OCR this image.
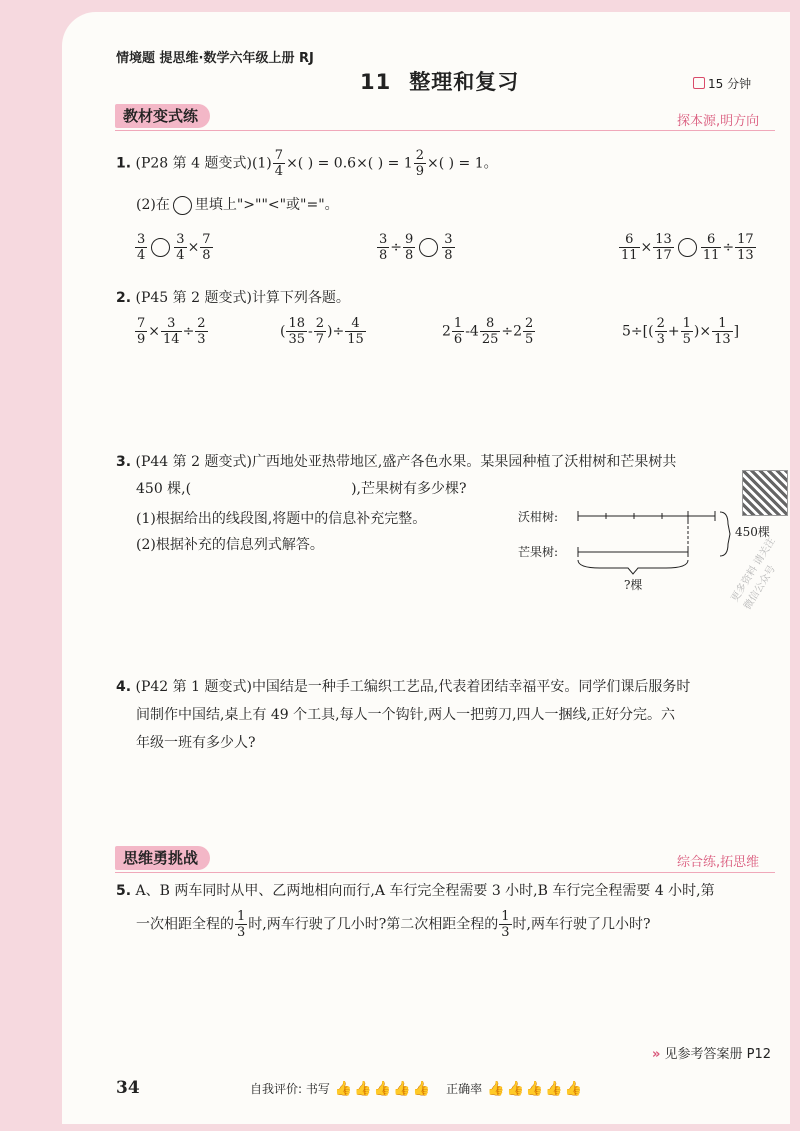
情境题 提思维·数学六年级上册 RJ
11 整理和复习	15 分钟
教材变式练	探本源,明方向
1. (P28 第 4 题变式)$(1) \frac{7}{4}$ ×( ) = 0.6×( ) = $1 \frac{2}{9}$ ×( ) = 1。
(2)在 里填上">""<"或"="。
$\frac{3}{4} \frac{3}{4} \times \frac{7}{8}$	$\frac{3}{8} \div \frac{9}{8} \frac{3}{8}$	$\frac{6}{11} \times \frac{13}{17} \frac{6}{11} \div \frac{17}{13}$
2. (P45 第 2 题变式)计算下列各题。
$\frac{7}{9} \times \frac{3}{14} \div \frac{2}{3}$	( $\frac{18}{35} - \frac{2}{7}$ )÷ $\frac{4}{15}$	$2 \frac{1}{6} -4 \frac{8}{25} \div 2 \frac{2}{5}$	$5\div[( \frac{2}{3} + \frac{1}{5}$ )× $\frac{1}{13}$ ]
3. (P44 第 2 题变式)广西地处亚热带地区,盛产各色水果。某果园种植了沃柑树和芒果树共
450 棵,(	),芒果树有多少棵?
(1)根据给出的线段图,将题中的信息补充完整。
(2)根据补充的信息列式解答。
沃柑树:
芒果树:
450棵
?棵	更多资料 请关注微信公众号
4. (P42 第 1 题变式)中国结是一种手工编织工艺品,代表着团结幸福平安。同学们课后服务时
间制作中国结,桌上有 49 个工具,每人一个钩针,两人一把剪刀,四人一捆线,正好分完。六
年级一班有多少人?
思维勇挑战	综合练,拓思维
5. A、B 两车同时从甲、乙两地相向而行,A 车行完全程需要 3 小时,B 车行完全程需要 4 小时,第
一次相距全程的 $\frac{1}{3}$ 时,两车行驶了几小时?第二次相距全程的 $\frac{1}{3}$ 时,两车行驶了几小时?
» 见参考答案册 P12
34	自我评价: 书写 👍 👍 👍 👍 👍 正确率 👍 👍 👍 👍 👍
